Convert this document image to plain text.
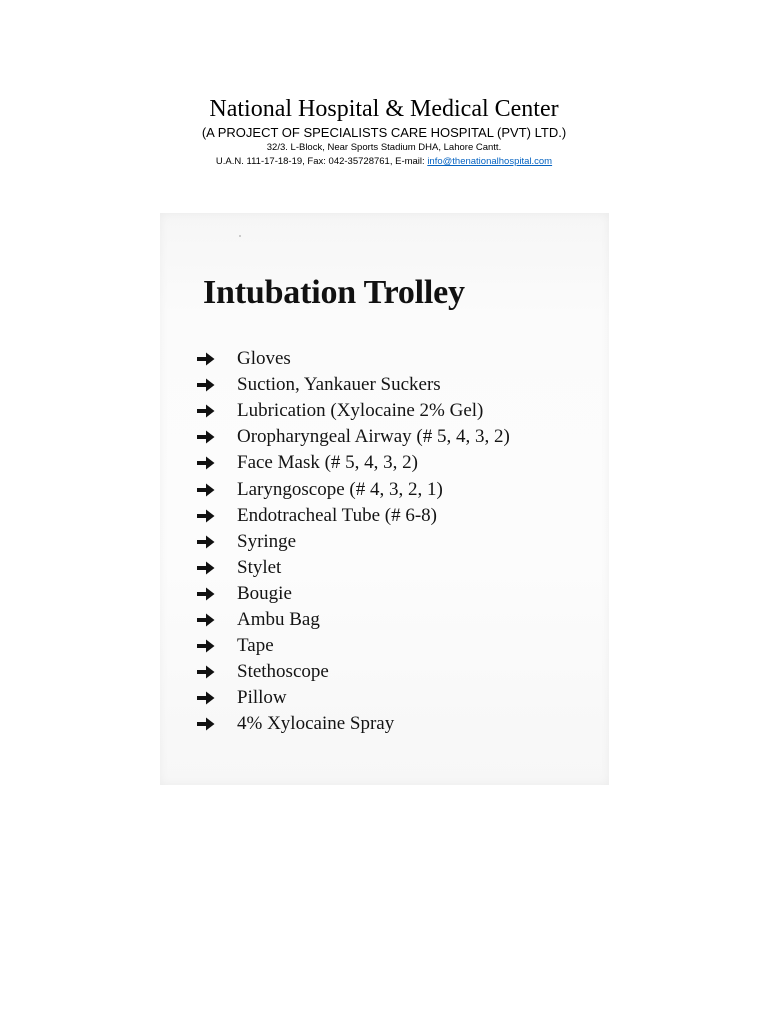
National Hospital & Medical Center
(A PROJECT OF SPECIALISTS CARE HOSPITAL (PVT) LTD.)
32/3. L-Block, Near Sports Stadium DHA, Lahore Cantt.
U.A.N. 111-17-18-19, Fax: 042-35728761, E-mail: info@thenationalhospital.com
Intubation Trolley
Gloves
Suction, Yankauer Suckers
Lubrication (Xylocaine 2% Gel)
Oropharyngeal Airway (# 5, 4, 3, 2)
Face Mask (# 5, 4, 3, 2)
Laryngoscope (# 4, 3, 2, 1)
Endotracheal Tube (# 6-8)
Syringe
Stylet
Bougie
Ambu Bag
Tape
Stethoscope
Pillow
4% Xylocaine Spray
